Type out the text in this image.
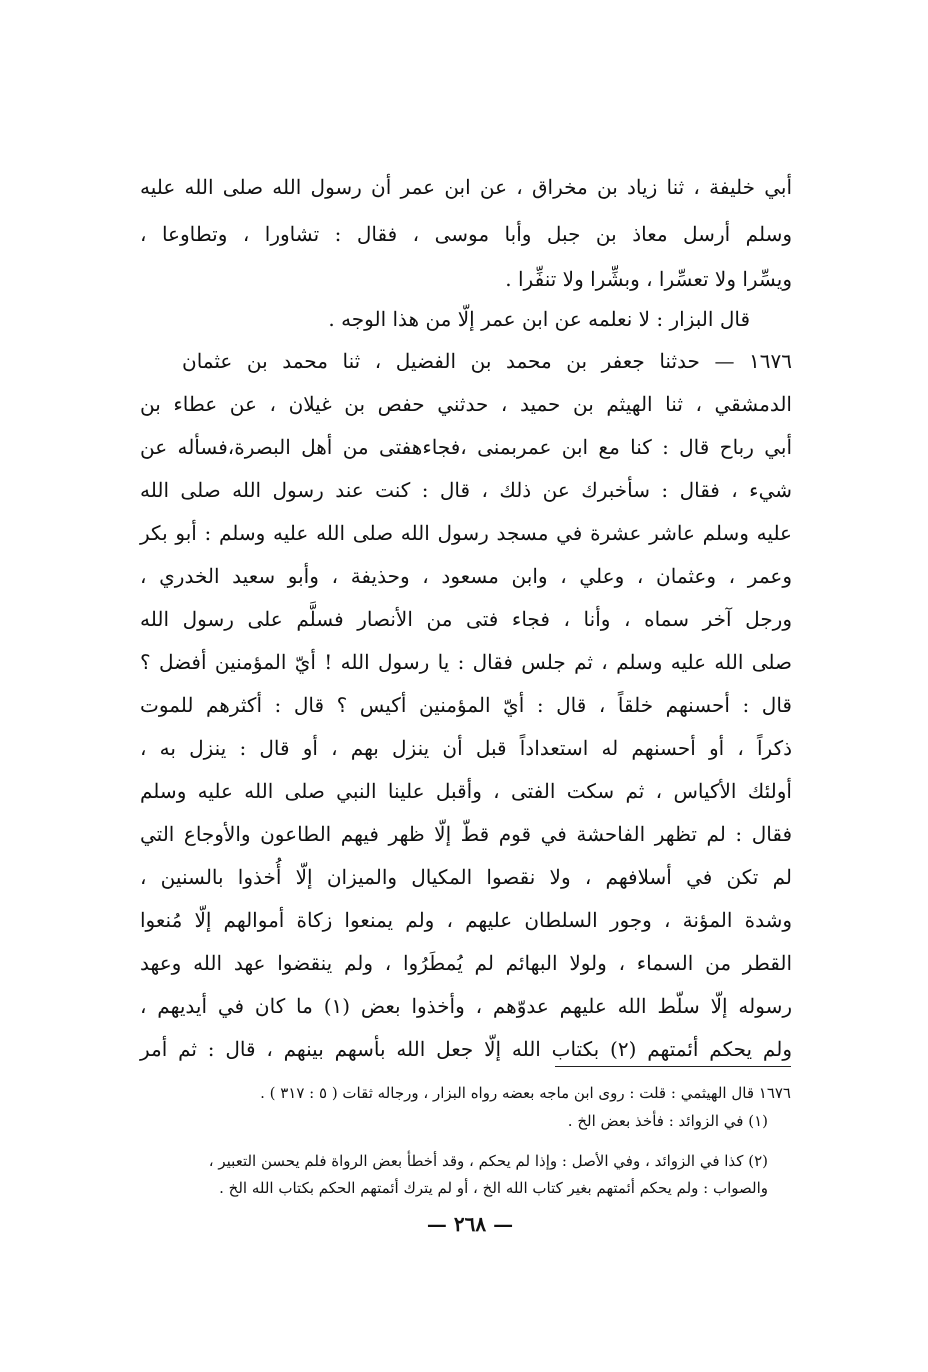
أبي خليفة ، ثنا زياد بن مخراق ، عن ابن عمر أن رسول الله صلى الله عليه
وسلم أرسل معاذ بن جبل وأبا موسى ، فقال : تشاورا ، وتطاوعا ،
ويسِّرا ولا تعسِّرا ، وبشِّرا ولا تنفِّرا .
قال البزار : لا نعلمه عن ابن عمر إلّا من هذا الوجه .
١٦٧٦ — حدثنا جعفر بن محمد بن الفضيل ، ثنا محمد بن عثمان
الدمشقي ، ثنا الهيثم بن حميد ، حدثني حفص بن غيلان ، عن عطاء بن
أبي رباح قال : كنا مع ابن عمربمنى ،فجاءهفتى من أهل البصرة،فسأله عن
شيء ، فقال : سأخبرك عن ذلك ، قال : كنت عند رسول الله صلى الله
عليه وسلم عاشر عشرة في مسجد رسول الله صلى الله عليه وسلم : أبو بكر
وعمر ، وعثمان ، وعلي ، وابن مسعود ، وحذيفة ، وأبو سعيد الخدري ،
ورجل آخر سماه ، وأنا ، فجاء فتى من الأنصار فسلَّم على رسول الله
صلى الله عليه وسلم ، ثم جلس فقال : يا رسول الله ! أيّ المؤمنين أفضل ؟
قال : أحسنهم خلقاً ، قال : أيّ المؤمنين أكيس ؟ قال : أكثرهم للموت
ذكراً ، أو أحسنهم له استعداداً قبل أن ينزل بهم ، أو قال : ينزل به ،
أولئك الأكياس ، ثم سكت الفتى ، وأقبل علينا النبي صلى الله عليه وسلم
فقال : لم تظهر الفاحشة في قوم قطّ إلّا ظهر فيهم الطاعون والأوجاع التي
لم تكن في أسلافهم ، ولا نقصوا المكيال والميزان إلّا أُخذوا بالسنين ،
وشدة المؤنة ، وجور السلطان عليهم ، ولم يمنعوا زكاة أموالهم إلّا مُنعوا
القطر من السماء ، ولولا البهائم لم يُمطَرُوا ، ولم ينقضوا عهد الله وعهد
رسوله إلّا سلّط الله عليهم عدوّهم ، وأخذوا بعض (١) ما كان في أيديهم ،
ولم يحكم أئمتهم (٢) بكتاب الله إلّا جعل الله بأسهم بينهم ، قال : ثم أمر
١٦٧٦ قال الهيثمي : قلت : روى ابن ماجه بعضه رواه البزار ، ورجاله ثقات ( ٥ : ٣١٧ ) .
(١) في الزوائد : فأخذ بعض الخ .
(٢) كذا في الزوائد ، وفي الأصل : وإذا لم يحكم ، وقد أخطأ بعض الرواة فلم يحسن التعبير ،
والصواب : ولم يحكم أئمتهم بغير كتاب الله الخ ، أو لم يترك أئمتهم الحكم بكتاب الله الخ .
— ٢٦٨ —
